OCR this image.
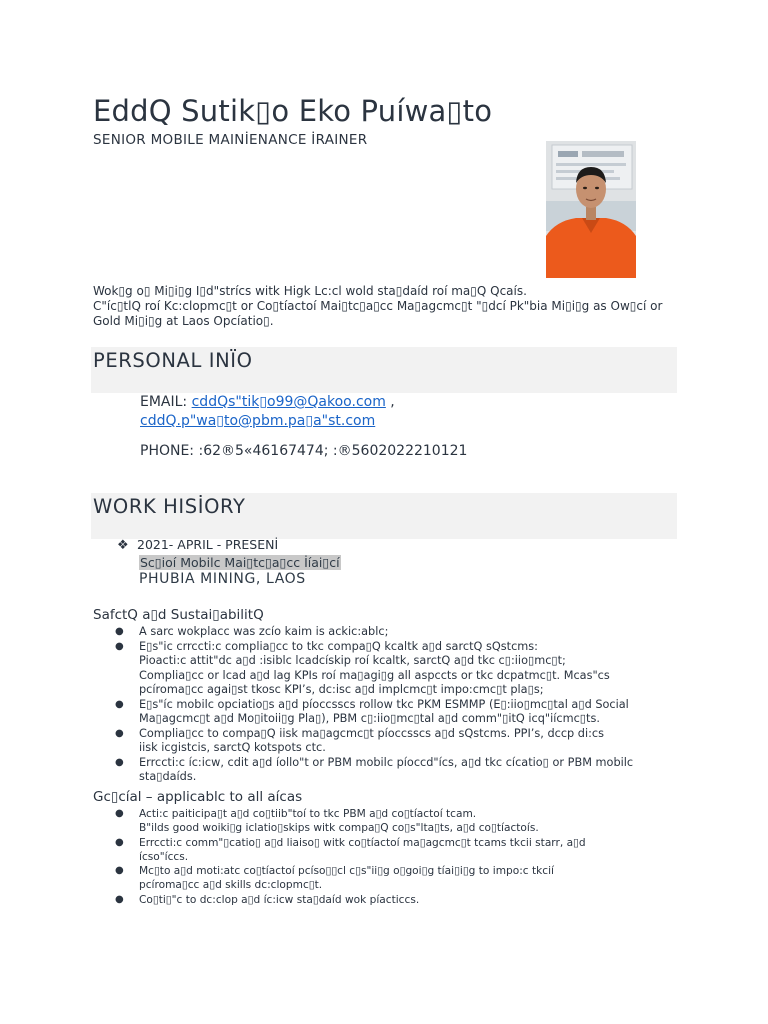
EddQ Sutik▯o Eko Puíwa▯to
SENIOR MOBILE MAINİENANCE İRAINER
Wok▯g o▯ Mi▯i▯g I▯d"strícs witk Higk Lc:cl wold sta▯daíd roí ma▯Q Qcaís.
C"íc▯tlQ roí Kc:clopmc▯t or Co▯tíactoí Mai▯tc▯a▯cc Ma▯agcmc▯t "▯dcí Pk"bia Mi▯i▯g as Ow▯cí or
Gold Mi▯i▯g at Laos Opcíatio▯.
PERSONAL INÏO
EMAIL: cddQs"tik▯o99@Qakoo.com ,
cddQ.p"wa▯to@pbm.pa▯a"st.com
PHONE: :62®5«46167474; :®5602022210121
WORK HISİORY
❖ 2021- APRIL - PRESENİ
Sc▯ioí Mobilc Mai▯tc▯a▯cc İíai▯cí
PHUBIA MINING, LAOS
SafctQ a▯d Sustai▯abilitQ
●	A sarc wokplacc was zcío kaim is ackic:ablc;
●	E▯s"ic crrccti:c complia▯cc to tkc compa▯Q kcaltk a▯d sarctQ sQstcms:
Pioacti:c attit"dc a▯d :isiblc lcadcískip roí kcaltk, sarctQ a▯d tkc c▯:iio▯mc▯t;
Complia▯cc or lcad a▯d lag KPIs roí ma▯agi▯g all aspccts or tkc dcpatmc▯t. Mcas"cs
pcíroma▯cc agai▯st tkosc KPI’s, dc:isc a▯d implcmc▯t impo:cmc▯t pla▯s;
●	E▯s"íc mobilc opciatio▯s a▯d píoccsscs rollow tkc PKM ESMMP (E▯:iio▯mc▯tal a▯d Social
Ma▯agcmc▯t a▯d Mo▯itoii▯g Pla▯), PBM c▯:iio▯mc▯tal a▯d comm"▯itQ icq"iícmc▯ts.
●	Complia▯cc to compa▯Q iisk ma▯agcmc▯t píoccsscs a▯d sQstcms. PPI’s, dccp di:cs
iisk icgistcis, sarctQ kotspots ctc.
●	Errccti:c íc:icw, cdit a▯d íollo"t or PBM mobilc píoccd"ícs, a▯d tkc cícatio▯ or PBM mobilc
sta▯daíds.
Gc▯cíal – applicablc to all aícas
●	Acti:c paiticipa▯t a▯d co▯tiib"toí to tkc PBM a▯d co▯tíactoí tcam.
B"ilds good woiki▯g iclatio▯skips witk compa▯Q co▯s"lta▯ts, a▯d co▯tíactoís.
●	Errccti:c comm"▯catio▯ a▯d liaiso▯ witk co▯tíactoí ma▯agcmc▯t tcams tkcii starr, a▯d
ícso"íccs.
●	Mc▯to a▯d moti:atc co▯tíactoí pcíso▯▯cl c▯s"ii▯g o▯goi▯g tíai▯i▯g to impo:c tkcií
pcíroma▯cc a▯d skills dc:clopmc▯t.
●	Co▯ti▯"c to dc:clop a▯d íc:icw sta▯daíd wok píacticcs.
